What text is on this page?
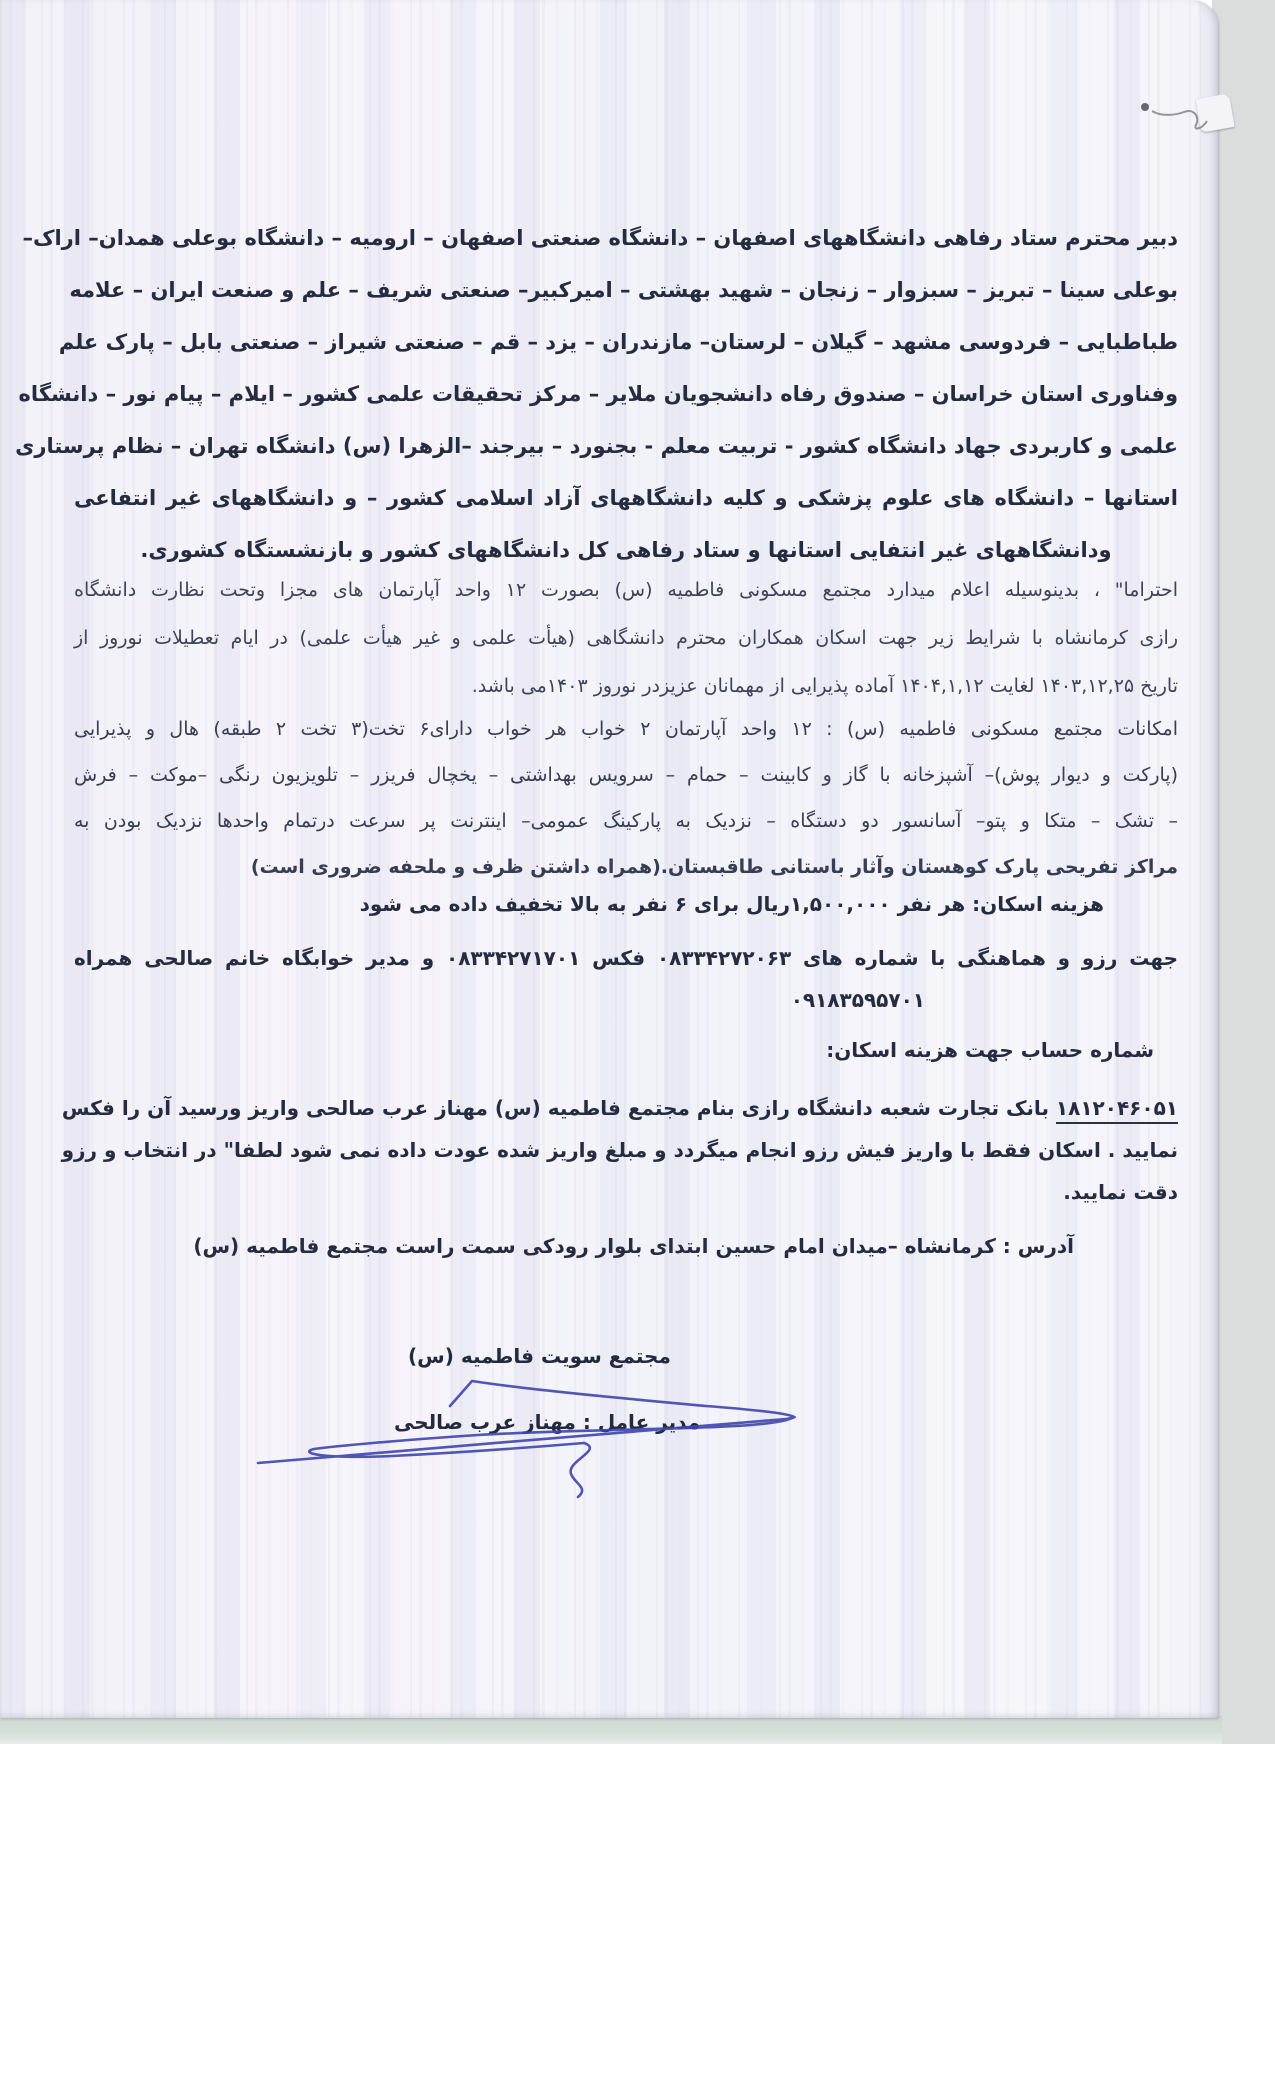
دبیر محترم ستاد رفاهی دانشگاههای اصفهان – دانشگاه صنعتی اصفهان – ارومیه – دانشگاه بوعلی همدان– اراک–
بوعلی سینا – تبریز – سبزوار – زنجان – شهید بهشتی – امیرکبیر– صنعتی شریف – علم و صنعت ایران – علامه
طباطبایی – فردوسی مشهد – گیلان – لرستان– مازندران – یزد – قم – صنعتی شیراز – صنعتی بابل – پارک علم
وفناوری استان خراسان – صندوق رفاه دانشجویان ملایر – مرکز تحقیقات علمی کشور – ایلام – پیام نور – دانشگاه
علمی و کاربردی جهاد دانشگاه کشور - تربیت معلم - بجنورد – بیرجند –الزهرا (س) دانشگاه تهران – نظام پرستاری
استانها – دانشگاه های علوم پزشکی و کلیه دانشگاههای آزاد اسلامی کشور – و دانشگاههای غیر انتفاعی
ودانشگاههای غیر انتفایی استانها و ستاد رفاهی کل دانشگاههای کشور و بازنشستگاه کشوری.
احتراما" ، بدینوسیله اعلام میدارد مجتمع مسکونی فاطمیه (س) بصورت ۱۲ واحد آپارتمان های مجزا وتحت نظارت دانشگاه
رازی کرمانشاه با شرایط زیر جهت اسکان همکاران محترم دانشگاهی (هیأت علمی و غیر هیأت علمی) در ایام تعطیلات نوروز از
تاریخ ۱۴۰۳,۱۲,۲۵ لغایت ۱۴۰۴,۱,۱۲ آماده پذیرایی از مهمانان عزیزدر نوروز ۱۴۰۳می باشد.
امکانات مجتمع مسکونی فاطمیه (س) : ۱۲ واحد آپارتمان ۲ خواب هر خواب دارای۶ تخت(۳ تخت ۲ طبقه) هال و پذیرایی
(پارکت و دیوار پوش)– آشپزخانه با گاز و کابینت – حمام – سرویس بهداشتی – یخچال فریزر – تلویزیون رنگی –موکت – فرش
– تشک – متکا و پتو– آسانسور دو دستگاه – نزدیک به پارکینگ عمومی– اینترنت پر سرعت درتمام واحدها نزدیک بودن به
مراکز تفریحی پارک کوهستان وآثار باستانی طاقبستان.(همراه داشتن ظرف و ملحفه ضروری است)
هزینه اسکان: هر نفر ۱,۵۰۰,۰۰۰ریال برای ۶ نفر به بالا تخفیف داده می شود
جهت رزو و هماهنگی با شماره های ۰۸۳۳۴۲۷۲۰۶۳ فکس ۰۸۳۳۴۲۷۱۷۰۱ و مدیر خوابگاه خانم صالحی همراه
۰۹۱۸۳۵۹۵۷۰۱
شماره حساب جهت هزینه اسکان:
۱۸۱۲۰۴۶۰۵۱ بانک تجارت شعبه دانشگاه رازی بنام مجتمع فاطمیه (س) مهناز عرب صالحی واریز ورسید آن را فکس
نمایید . اسکان فقط با واریز فیش رزو انجام میگردد و مبلغ واریز شده عودت داده نمی شود لطفا" در انتخاب و رزو
دقت نمایید.
آدرس : کرمانشاه –میدان امام حسین ابتدای بلوار رودکی سمت راست مجتمع فاطمیه (س)
مجتمع سویت فاطمیه (س)
مدیر عامل : مهناز عرب صالحی
